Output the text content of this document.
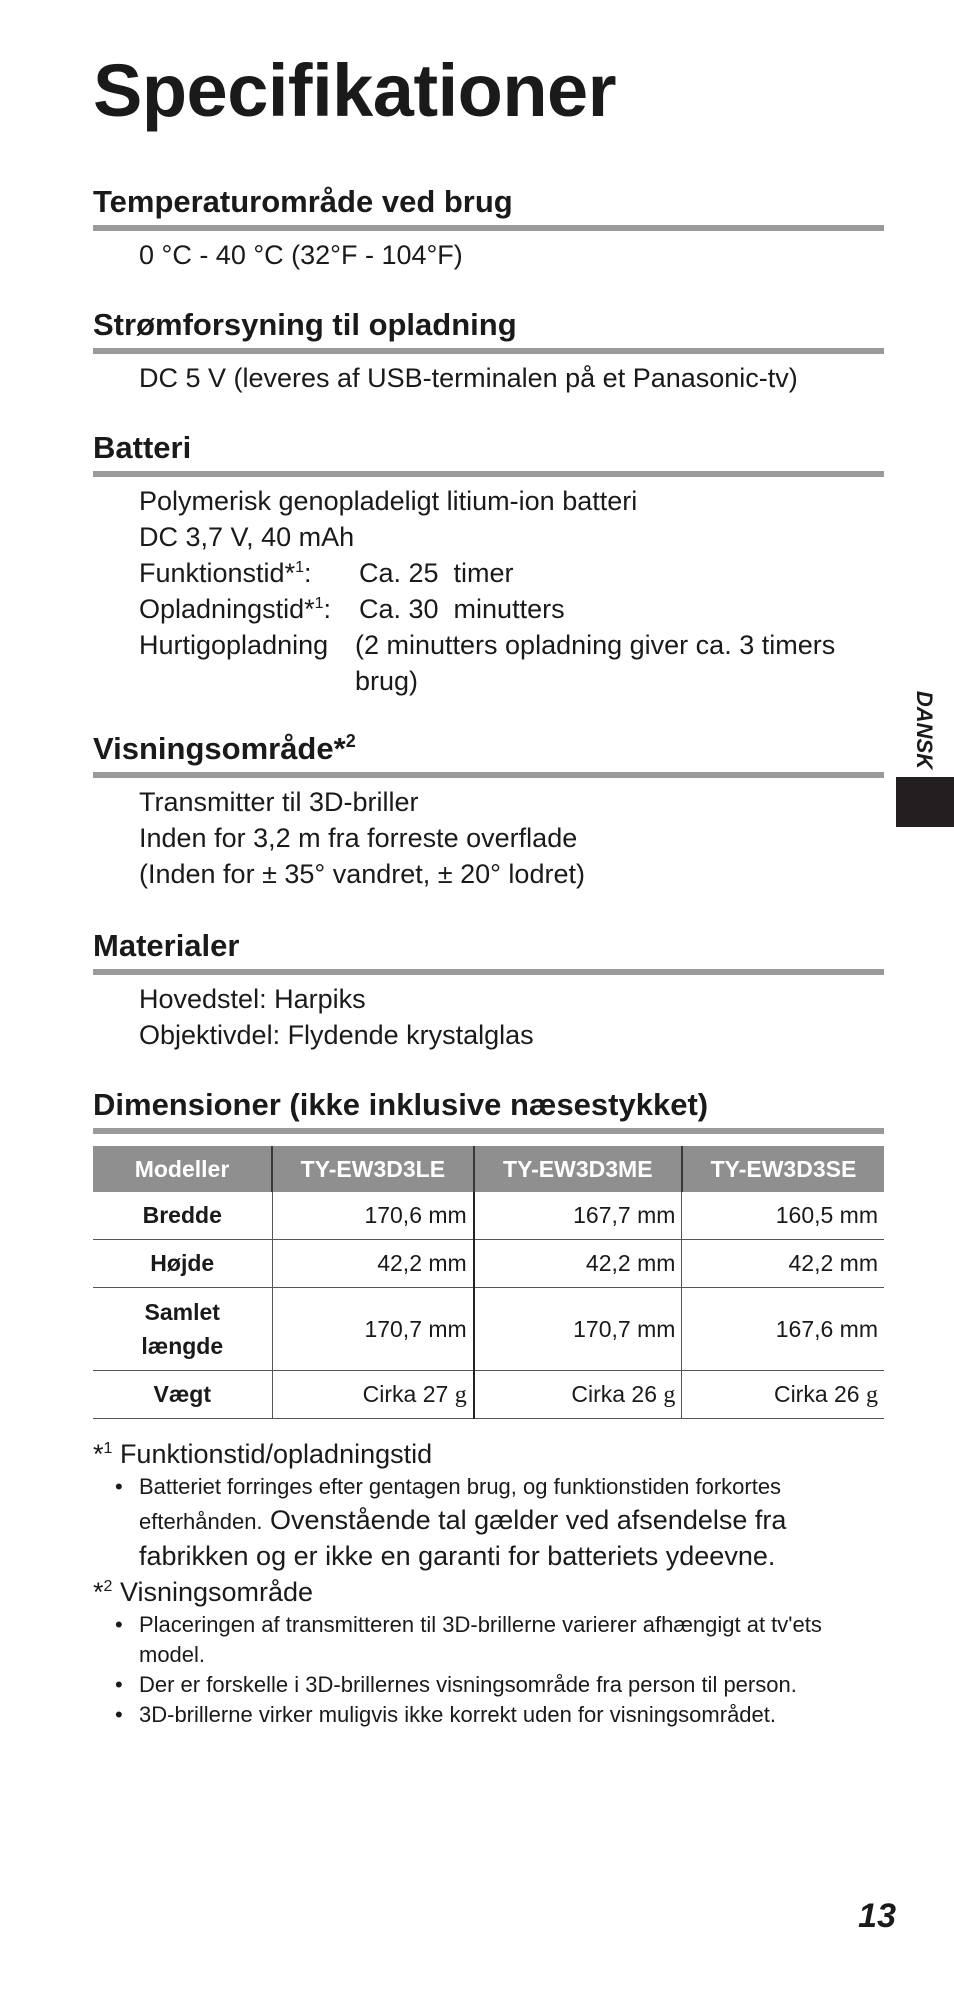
Specifikationer
Temperaturområde ved brug
0 °C - 40 °C (32°F - 104°F)
Strømforsyning til opladning
DC 5 V (leveres af USB-terminalen på et Panasonic-tv)
Batteri
Polymerisk genopladeligt litium-ion batteri
DC 3,7 V, 40 mAh
Funktionstid*$^1$:	Ca. 25  timer
Opladningstid*$^1$:	Ca. 30  minutters
Hurtigopladning (2 minutters opladning giver ca. 3 timers brug)
Visningsområde*$^2$
Transmitter til 3D-briller
Inden for 3,2 m fra forreste overflade
(Inden for ± 35° vandret, ± 20° lodret)
Materialer
Hovedstel: Harpiks
Objektivdel: Flydende krystalglas
Dimensioner (ikke inklusive næsestykket)
Modeller	TY-EW3D3LE	TY-EW3D3ME	TY-EW3D3SE
Bredde	170,6 mm	167,7 mm	160,5 mm
Højde	42,2 mm	42,2 mm	42,2 mm

Samlet
længde	170,7 mm	170,7 mm	167,6 mm
Vægt	Cirka 27 g	Cirka 26 g	Cirka 26 g
*$^1$ Funktionstid/opladningstid
• Batteriet forringes efter gentagen brug, og funktionstiden forkortes efterhånden. Ovenstående tal gælder ved afsendelse fra fabrikken og er ikke en garanti for batteriets ydeevne.
*$^2$ Visningsområde
• Placeringen af transmitteren til 3D-brillerne varierer afhængigt at tv'ets model.
• Der er forskelle i 3D-brillernes visningsområde fra person til person.
• 3D-brillerne virker muligvis ikke korrekt uden for visningsområdet.
DANSK
13
